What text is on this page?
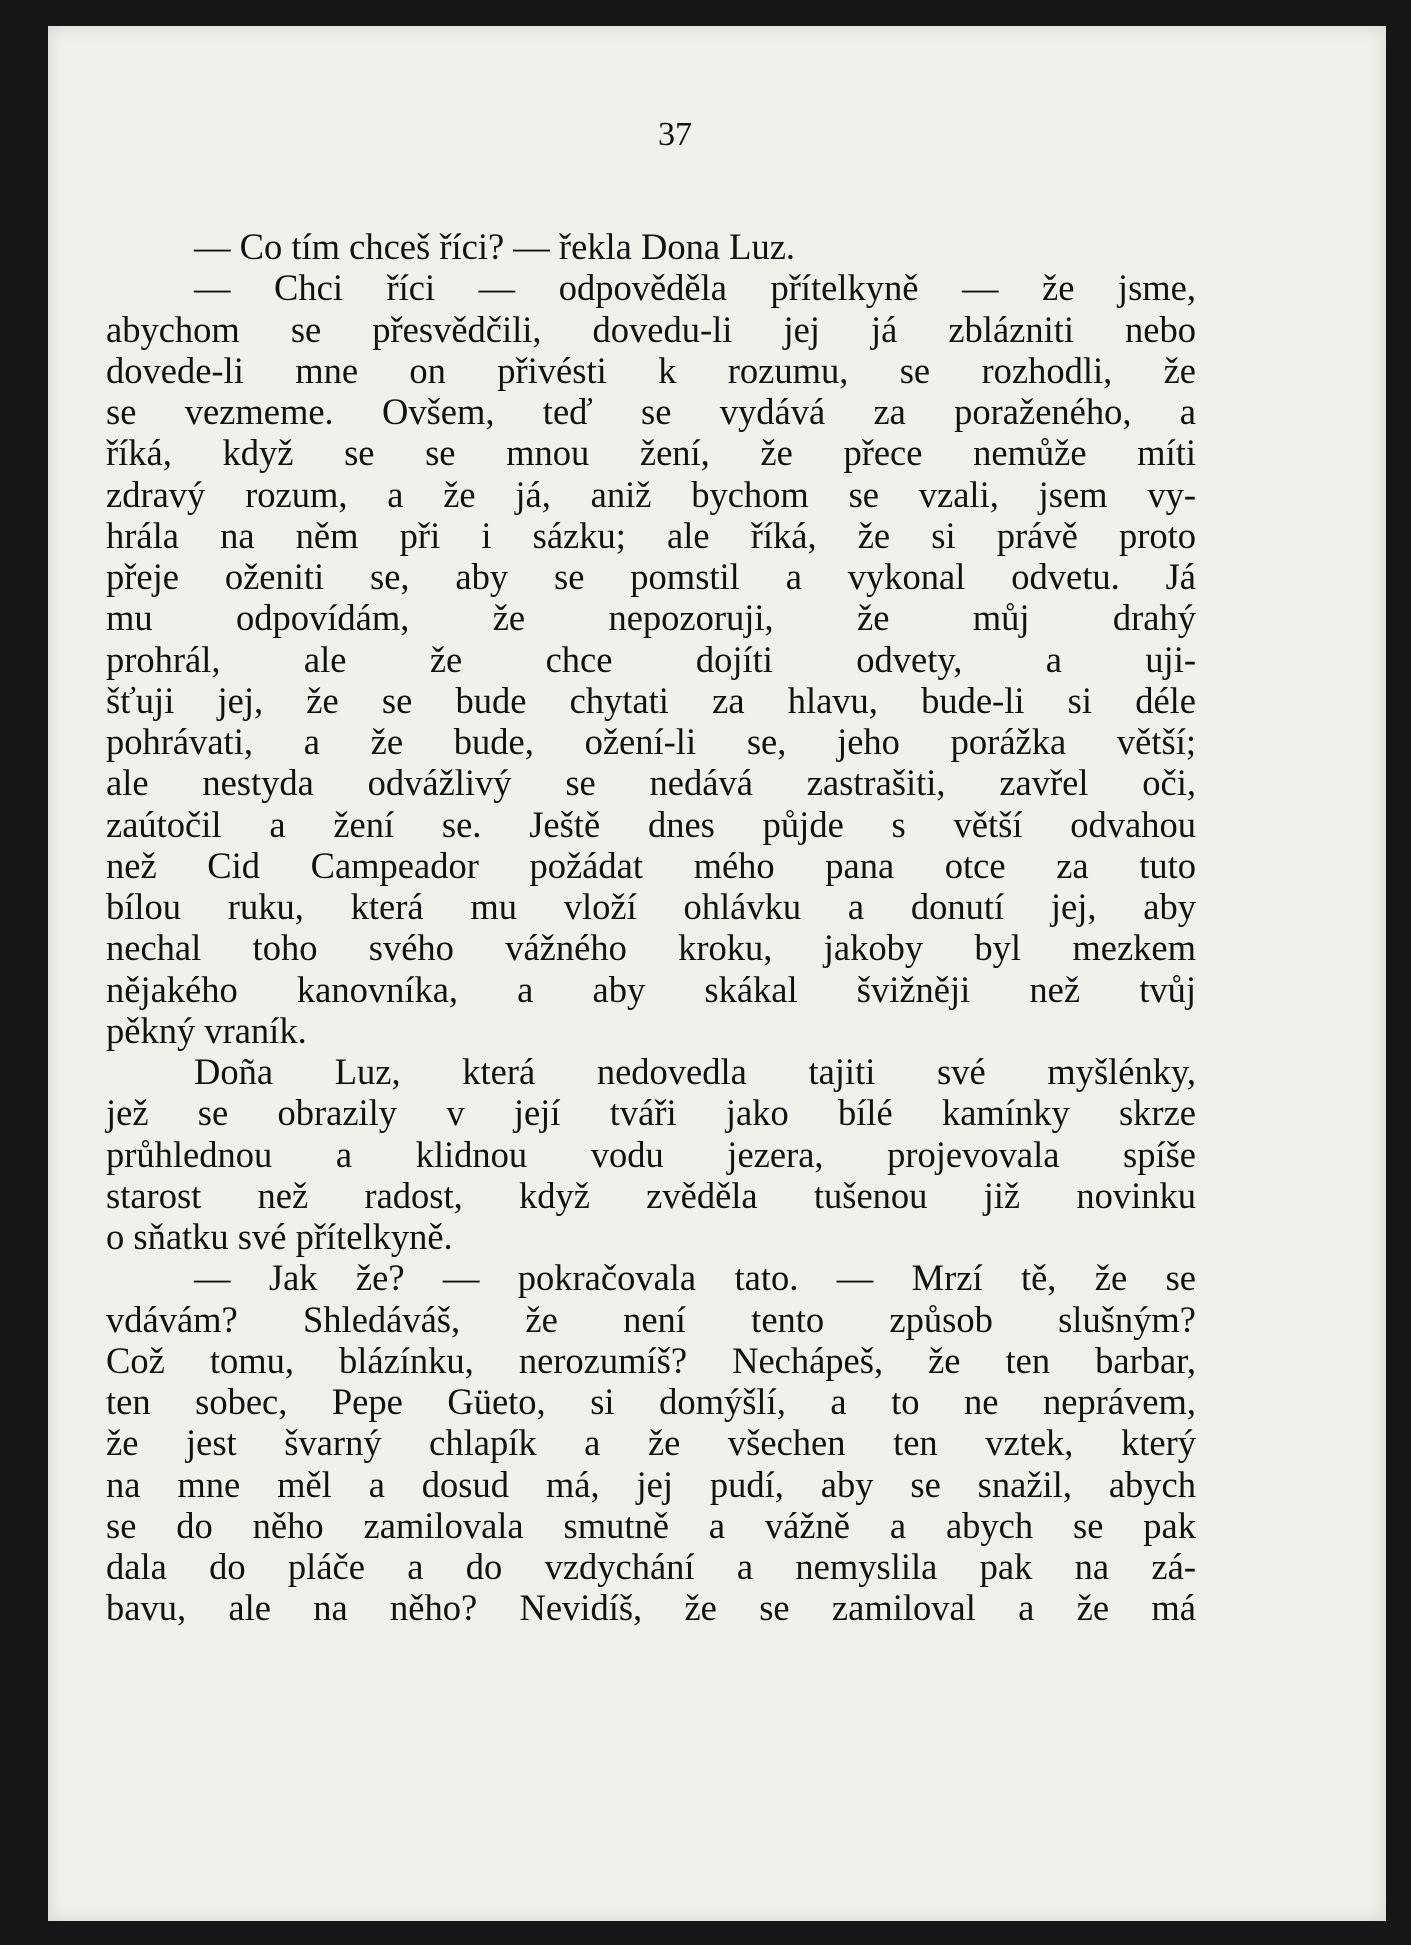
37
— Co tím chceš říci? — řekla Dona Luz.
— Chci říci — odpověděla přítelkyně — že jsme,
abychom se přesvědčili, dovedu-li jej já zblázniti nebo
dovede-li mne on přivésti k rozumu, se rozhodli, že
se vezmeme. Ovšem, teď se vydává za poraženého, a
říká, když se se mnou žení, že přece nemůže míti
zdravý rozum, a že já, aniž bychom se vzali, jsem vy-
hrála na něm při i sázku; ale říká, že si právě proto
přeje oženiti se, aby se pomstil a vykonal odvetu. Já
mu odpovídám, že nepozoruji, že můj drahý
prohrál, ale že chce dojíti odvety, a uji-
šťuji jej, že se bude chytati za hlavu, bude-li si déle
pohrávati, a že bude, ožení-li se, jeho porážka větší;
ale nestyda odvážlivý se nedává zastrašiti, zavřel oči,
zaútočil a žení se. Ještě dnes půjde s větší odvahou
než Cid Campeador požádat mého pana otce za tuto
bílou ruku, která mu vloží ohlávku a donutí jej, aby
nechal toho svého vážného kroku, jakoby byl mezkem
nějakého kanovníka, a aby skákal švižněji než tvůj
pěkný vraník.
Doña Luz, která nedovedla tajiti své myšlénky,
jež se obrazily v její tváři jako bílé kamínky skrze
průhlednou a klidnou vodu jezera, projevovala spíše
starost než radost, když zvěděla tušenou již novinku
o sňatku své přítelkyně.
— Jak že? — pokračovala tato. — Mrzí tě, že se
vdávám? Shledáváš, že není tento způsob slušným?
Což tomu, blázínku, nerozumíš? Nechápeš, že ten barbar,
ten sobec, Pepe Güeto, si domýšlí, a to ne neprávem,
že jest švarný chlapík a že všechen ten vztek, který
na mne měl a dosud má, jej pudí, aby se snažil, abych
se do něho zamilovala smutně a vážně a abych se pak
dala do pláče a do vzdychání a nemyslila pak na zá-
bavu, ale na něho? Nevidíš, že se zamiloval a že má
